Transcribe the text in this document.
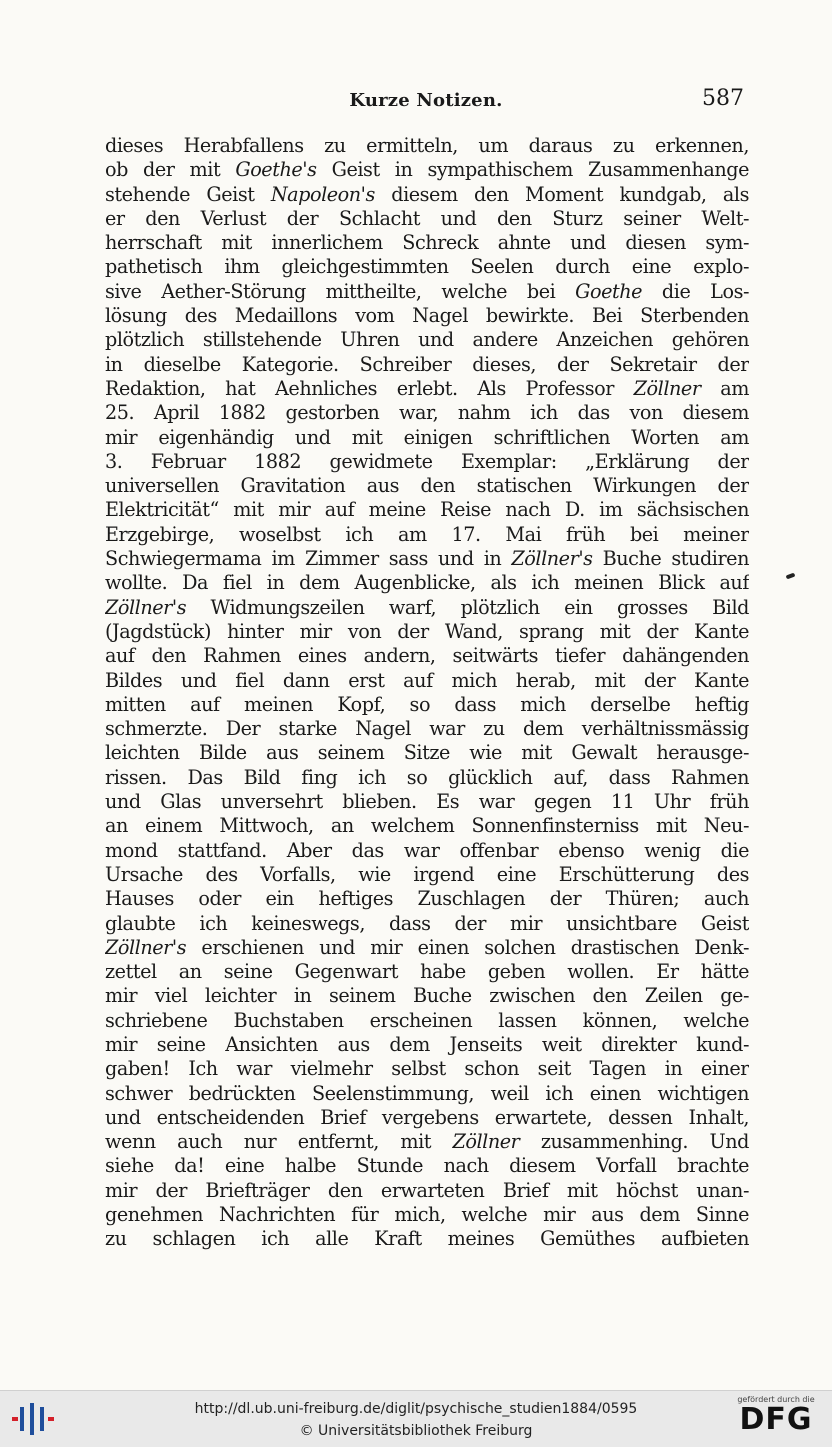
Kurze Notizen.	587
dieses Herabfallens zu ermitteln, um daraus zu erkennen,
ob der mit Goethe's Geist in sympathischem Zusammenhange
stehende Geist Napoleon's diesem den Moment kundgab, als
er den Verlust der Schlacht und den Sturz seiner Welt-
herrschaft mit innerlichem Schreck ahnte und diesen sym-
pathetisch ihm gleichgestimmten Seelen durch eine explo-
sive Aether-Störung mittheilte, welche bei Goethe die Los-
lösung des Medaillons vom Nagel bewirkte. Bei Sterbenden
plötzlich stillstehende Uhren und andere Anzeichen gehören
in dieselbe Kategorie. Schreiber dieses, der Sekretair der
Redaktion, hat Aehnliches erlebt. Als Professor Zöllner am
25. April 1882 gestorben war, nahm ich das von diesem
mir eigenhändig und mit einigen schriftlichen Worten am
3. Februar 1882 gewidmete Exemplar: „Erklärung der
universellen Gravitation aus den statischen Wirkungen der
Elektricität“ mit mir auf meine Reise nach D. im sächsischen
Erzgebirge, woselbst ich am 17. Mai früh bei meiner
Schwiegermama im Zimmer sass und in Zöllner's Buche studiren
wollte. Da fiel in dem Augenblicke, als ich meinen Blick auf
Zöllner's Widmungszeilen warf, plötzlich ein grosses Bild
(Jagdstück) hinter mir von der Wand, sprang mit der Kante
auf den Rahmen eines andern, seitwärts tiefer dahängenden
Bildes und fiel dann erst auf mich herab, mit der Kante
mitten auf meinen Kopf, so dass mich derselbe heftig
schmerzte. Der starke Nagel war zu dem verhältnissmässig
leichten Bilde aus seinem Sitze wie mit Gewalt herausge-
rissen. Das Bild fing ich so glücklich auf, dass Rahmen
und Glas unversehrt blieben. Es war gegen 11 Uhr früh
an einem Mittwoch, an welchem Sonnenfinsterniss mit Neu-
mond stattfand. Aber das war offenbar ebenso wenig die
Ursache des Vorfalls, wie irgend eine Erschütterung des
Hauses oder ein heftiges Zuschlagen der Thüren; auch
glaubte ich keineswegs, dass der mir unsichtbare Geist
Zöllner's erschienen und mir einen solchen drastischen Denk-
zettel an seine Gegenwart habe geben wollen. Er hätte
mir viel leichter in seinem Buche zwischen den Zeilen ge-
schriebene Buchstaben erscheinen lassen können, welche
mir seine Ansichten aus dem Jenseits weit direkter kund-
gaben! Ich war vielmehr selbst schon seit Tagen in einer
schwer bedrückten Seelenstimmung, weil ich einen wichtigen
und entscheidenden Brief vergebens erwartete, dessen Inhalt,
wenn auch nur entfernt, mit Zöllner zusammenhing. Und
siehe da! eine halbe Stunde nach diesem Vorfall brachte
mir der Briefträger den erwarteten Brief mit höchst unan-
genehmen Nachrichten für mich, welche mir aus dem Sinne
zu schlagen ich alle Kraft meines Gemüthes aufbieten
http://dl.ub.uni-freiburg.de/diglit/psychische_studien1884/0595
© Universitätsbibliothek Freiburg
gefördert durch die
DFG
